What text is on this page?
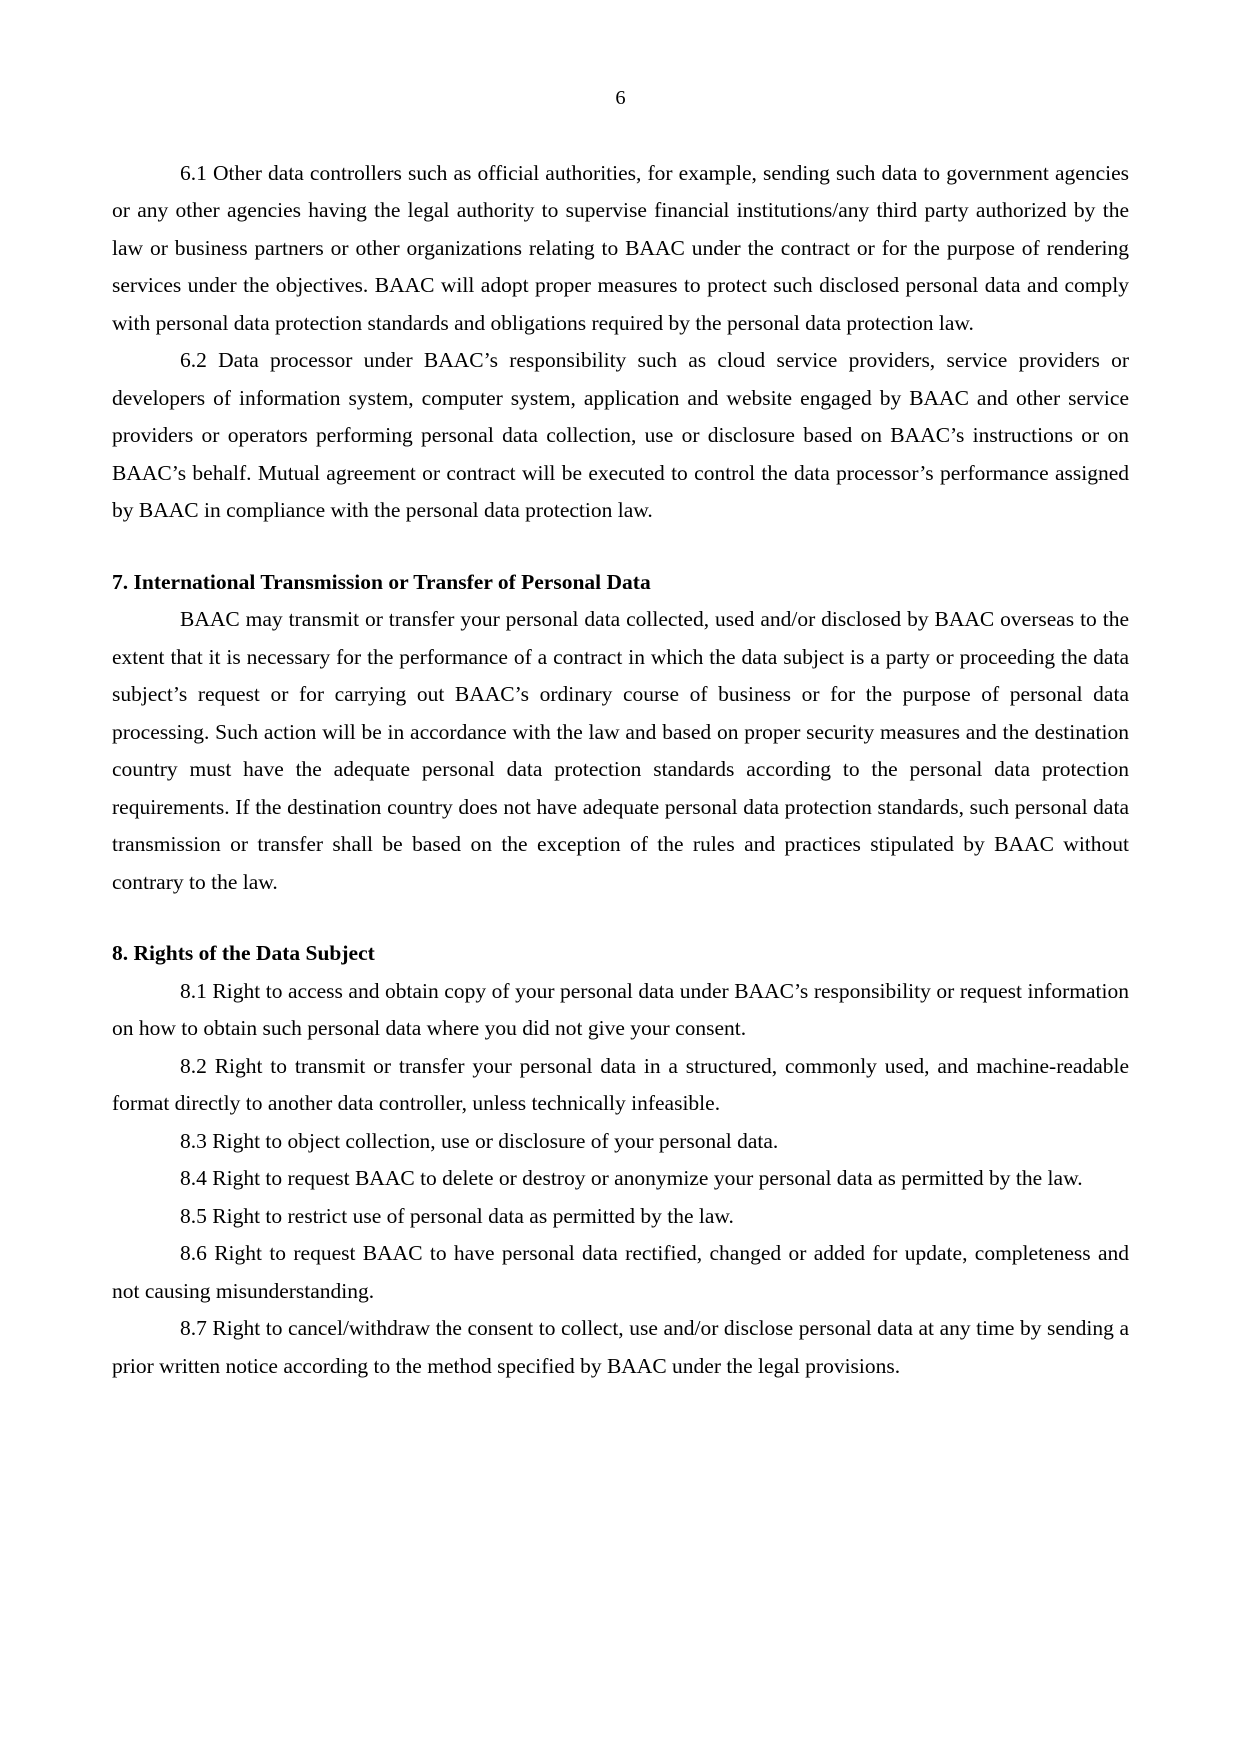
6

6.1 Other data controllers such as official authorities, for example, sending such data to government agencies or any other agencies having the legal authority to supervise financial institutions/any third party authorized by the law or business partners or other organizations relating to BAAC under the contract or for the purpose of rendering services under the objectives. BAAC will adopt proper measures to protect such disclosed personal data and comply with personal data protection standards and obligations required by the personal data protection law.

6.2 Data processor under BAAC’s responsibility such as cloud service providers, service providers or developers of information system, computer system, application and website engaged by BAAC and other service providers or operators performing personal data collection, use or disclosure based on BAAC’s instructions or on BAAC’s behalf. Mutual agreement or contract will be executed to control the data processor’s performance assigned by BAAC in compliance with the personal data protection law.

7. International Transmission or Transfer of Personal Data

BAAC may transmit or transfer your personal data collected, used and/or disclosed by BAAC overseas to the extent that it is necessary for the performance of a contract in which the data subject is a party or proceeding the data subject’s request or for carrying out BAAC’s ordinary course of business or for the purpose of personal data processing. Such action will be in accordance with the law and based on proper security measures and the destination country must have the adequate personal data protection standards according to the personal data protection requirements. If the destination country does not have adequate personal data protection standards, such personal data transmission or transfer shall be based on the exception of the rules and practices stipulated by BAAC without contrary to the law.

8. Rights of the Data Subject

8.1 Right to access and obtain copy of your personal data under BAAC’s responsibility or request information on how to obtain such personal data where you did not give your consent.

8.2 Right to transmit or transfer your personal data in a structured, commonly used, and machine-readable format directly to another data controller, unless technically infeasible.

8.3 Right to object collection, use or disclosure of your personal data.

8.4 Right to request BAAC to delete or destroy or anonymize your personal data as permitted by the law.

8.5 Right to restrict use of personal data as permitted by the law.

8.6 Right to request BAAC to have personal data rectified, changed or added for update, completeness and not causing misunderstanding.

8.7 Right to cancel/withdraw the consent to collect, use and/or disclose personal data at any time by sending a prior written notice according to the method specified by BAAC under the legal provisions.
